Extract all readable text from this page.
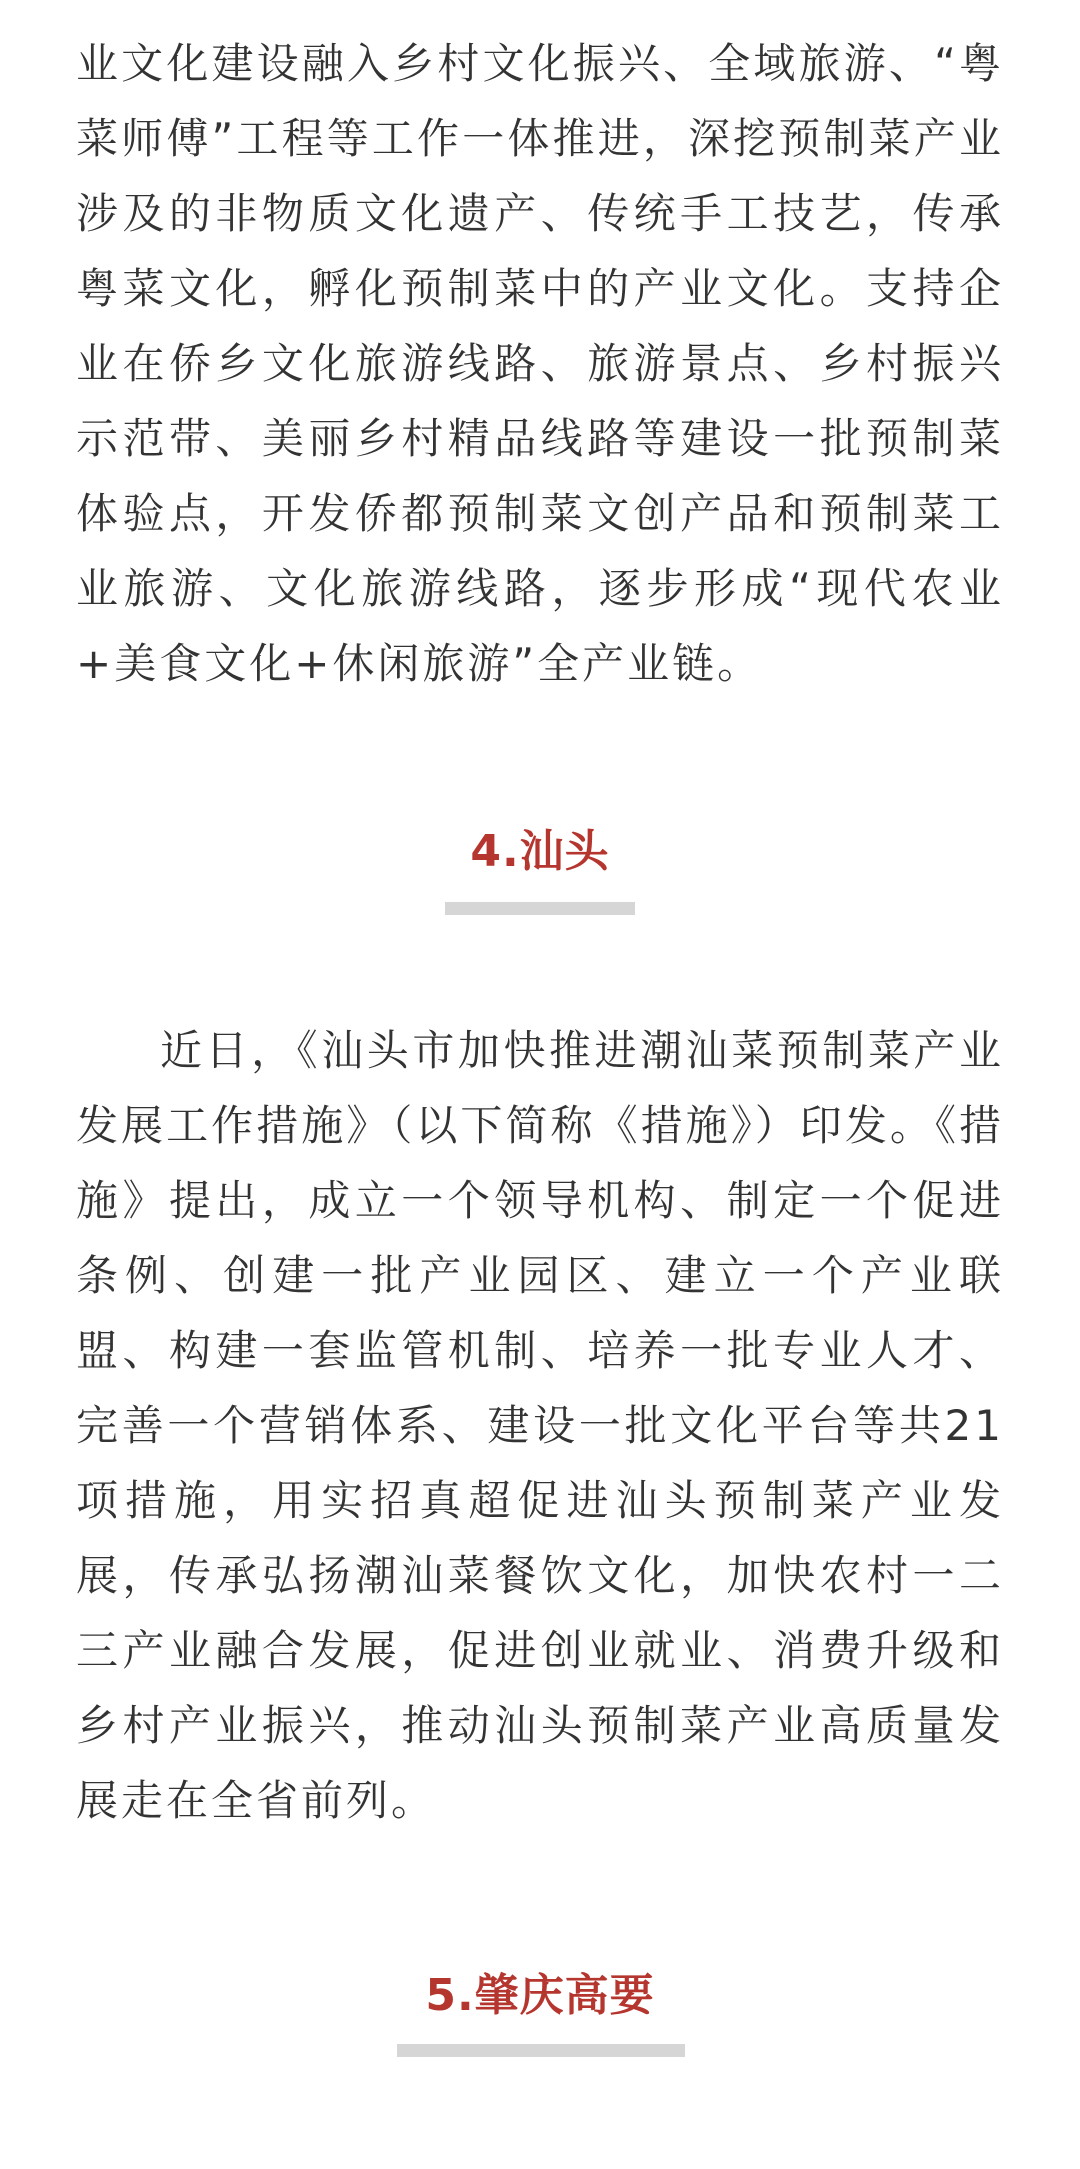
业文化建设融入乡村文化振兴、全域旅游、“粤菜师傅”工程等工作一体推进，深挖预制菜产业涉及的非物质文化遗产、传统手工技艺，传承粤菜文化，孵化预制菜中的产业文化。支持企业在侨乡文化旅游线路、旅游景点、乡村振兴示范带、美丽乡村精品线路等建设一批预制菜体验点，开发侨都预制菜文创产品和预制菜工业旅游、文化旅游线路，逐步形成“现代农业+美食文化+休闲旅游”全产业链。

4.汕头

近日，《汕头市加快推进潮汕菜预制菜产业发展工作措施》（以下简称《措施》）印发。《措施》提出，成立一个领导机构、制定一个促进条例、创建一批产业园区、建立一个产业联盟、构建一套监管机制、培养一批专业人才、完善一个营销体系、建设一批文化平台等共21项措施，用实招真超促进汕头预制菜产业发展，传承弘扬潮汕菜餐饮文化，加快农村一二三产业融合发展，促进创业就业、消费升级和乡村产业振兴，推动汕头预制菜产业高质量发展走在全省前列。

5.肇庆高要
